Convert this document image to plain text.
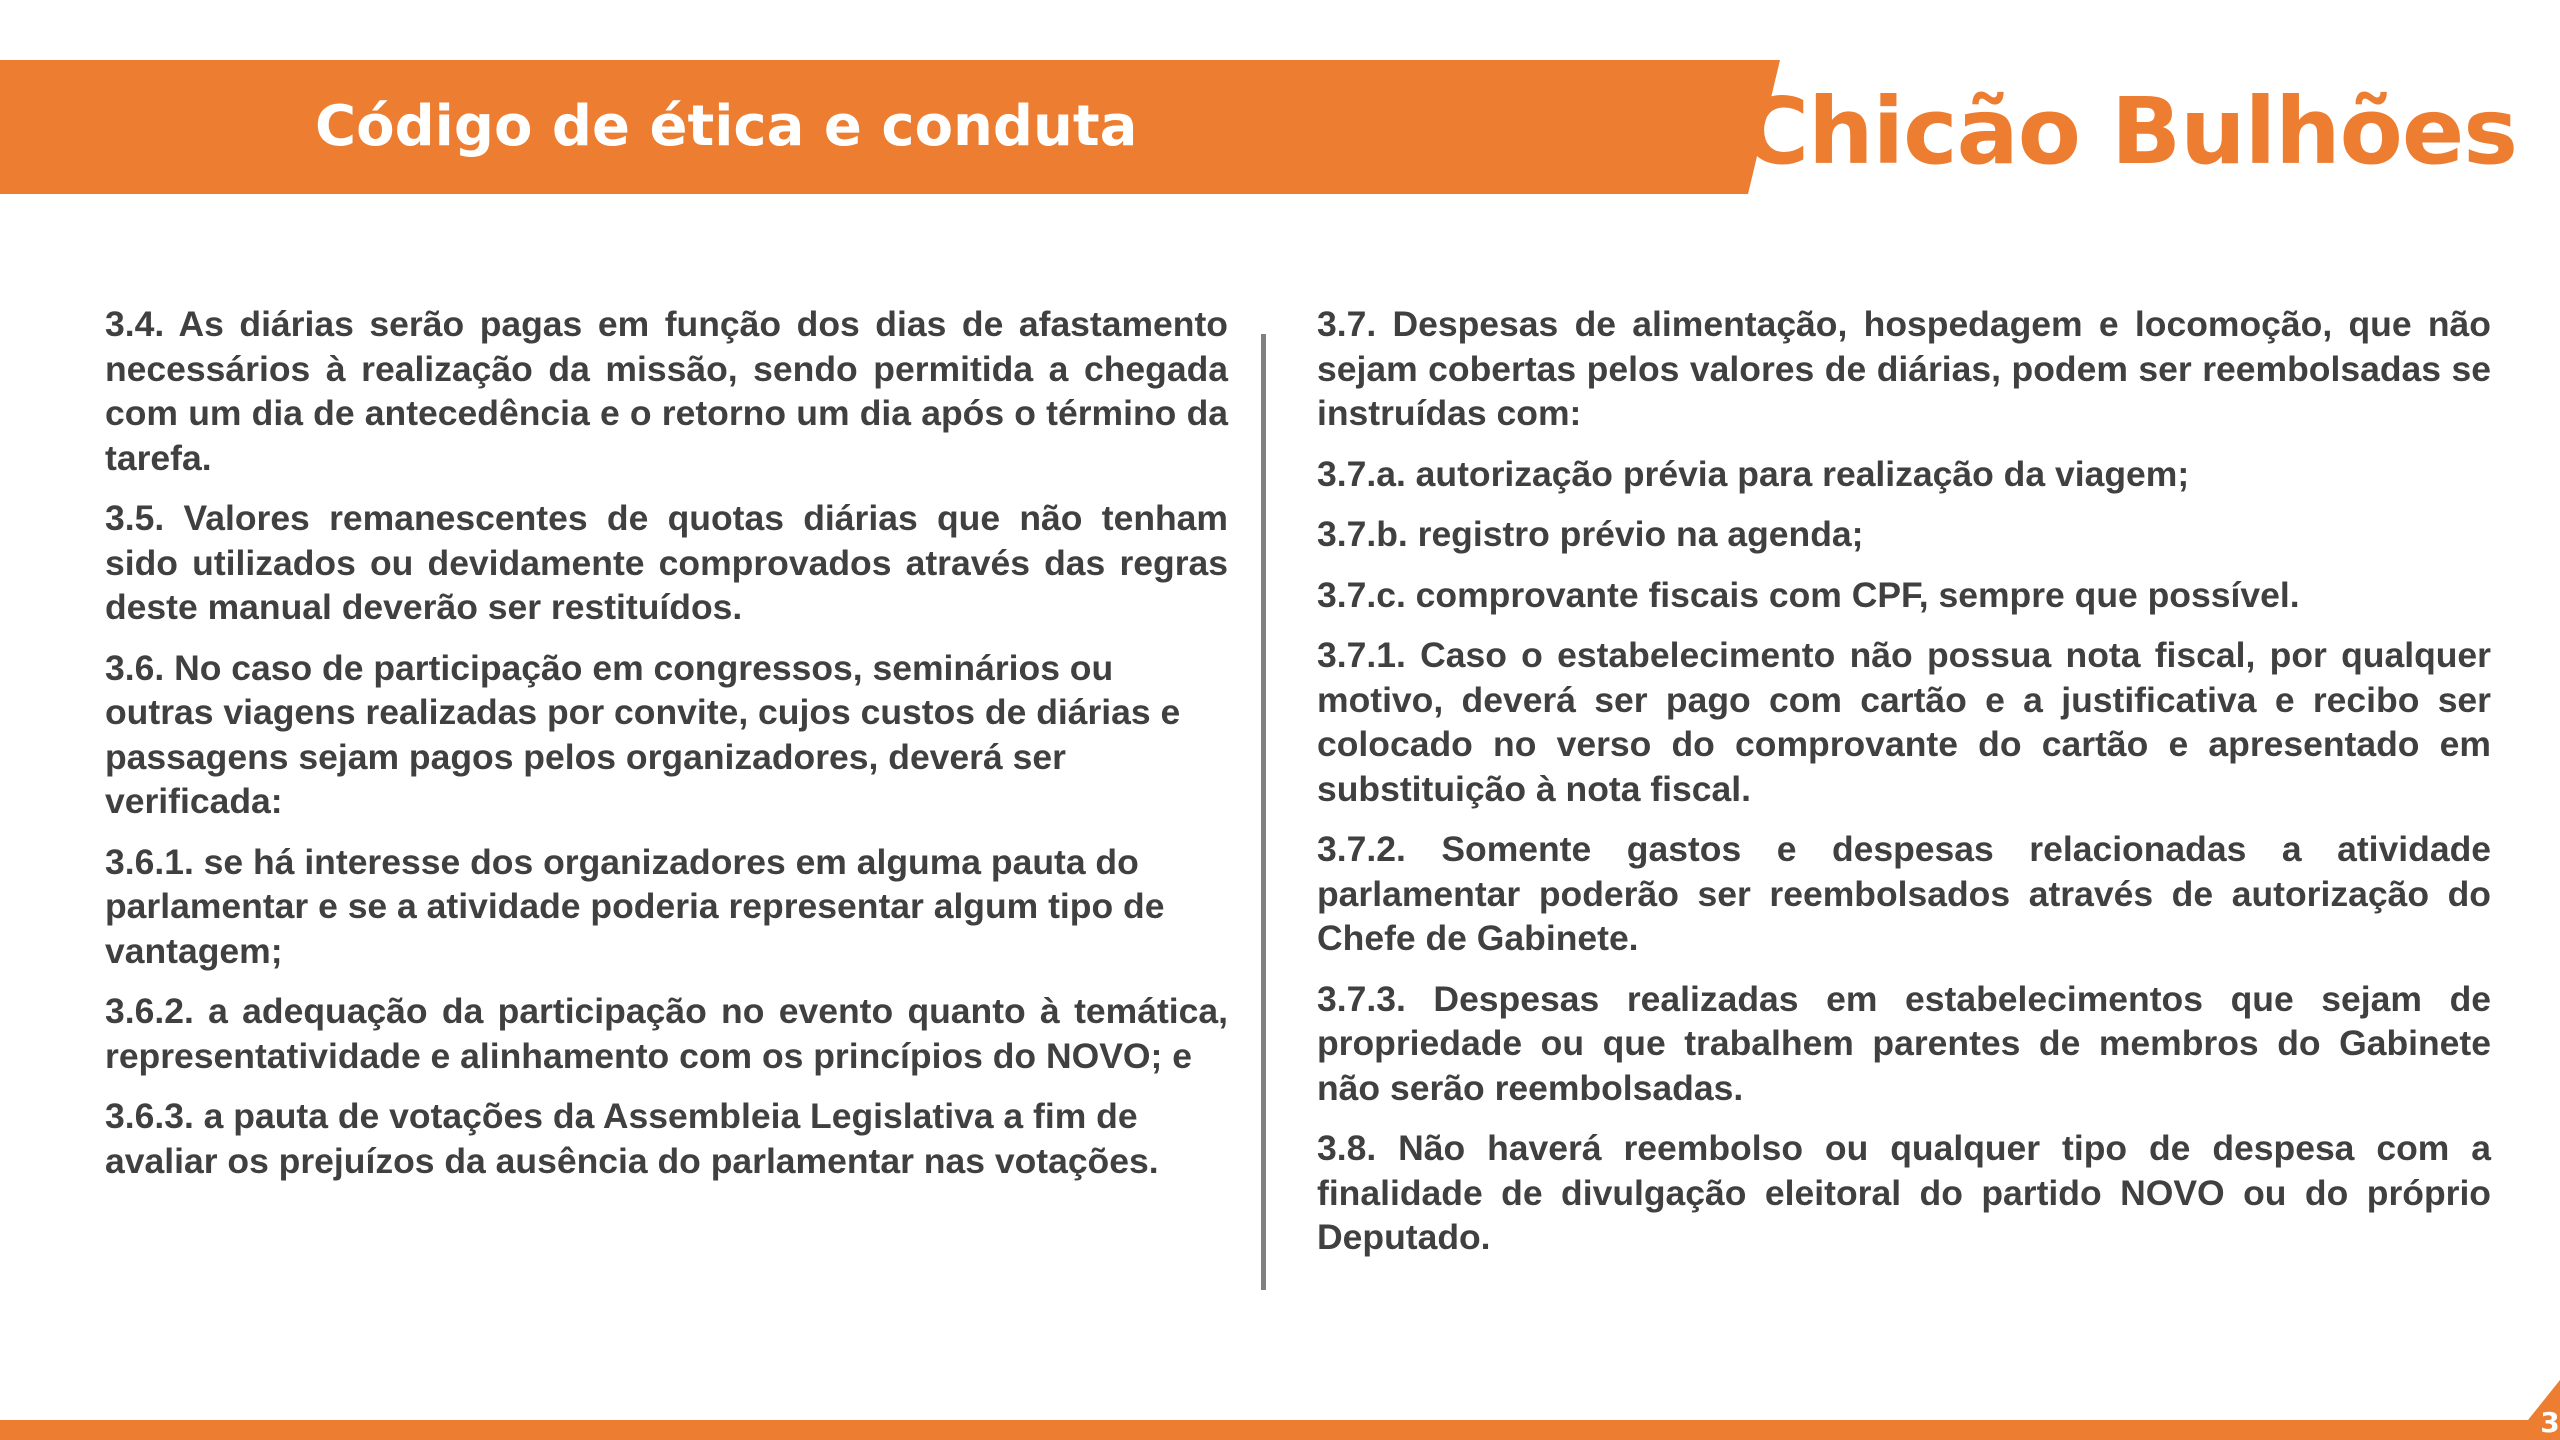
Código de ética e conduta	Chicão Bulhões

3.4. As diárias serão pagas em função dos dias de afastamento necessários à realização da missão, sendo permitida a chegada com um dia de antecedência e o retorno um dia após o término da tarefa.

3.5. Valores remanescentes de quotas diárias que não tenham sido utilizados ou devidamente comprovados através das regras deste manual deverão ser restituídos.

3.6. No caso de participação em congressos, seminários ou outras viagens realizadas por convite, cujos custos de diárias e passagens sejam pagos pelos organizadores, deverá ser verificada:

3.6.1. se há interesse dos organizadores em alguma pauta do parlamentar e se a atividade poderia representar algum tipo de vantagem;

3.6.2. a adequação da participação no evento quanto à temática, representatividade e alinhamento com os princípios do NOVO; e

3.6.3. a pauta de votações da Assembleia Legislativa a fim de avaliar os prejuízos da ausência do parlamentar nas votações.

3.7. Despesas de alimentação, hospedagem e locomoção, que não sejam cobertas pelos valores de diárias, podem ser reembolsadas se instruídas com:

3.7.a. autorização prévia para realização da viagem;

3.7.b. registro prévio na agenda;

3.7.c. comprovante fiscais com CPF, sempre que possível.

3.7.1. Caso o estabelecimento não possua nota fiscal, por qualquer motivo, deverá ser pago com cartão e a justificativa e recibo ser colocado no verso do comprovante do cartão e apresentado em substituição à nota fiscal.

3.7.2. Somente gastos e despesas relacionadas a atividade parlamentar poderão ser reembolsados através de autorização do Chefe de Gabinete.

3.7.3. Despesas realizadas em estabelecimentos que sejam de propriedade ou que trabalhem parentes de membros do Gabinete não serão reembolsadas.

3.8. Não haverá reembolso ou qualquer tipo de despesa com a finalidade de divulgação eleitoral do partido NOVO ou do próprio Deputado.

3
